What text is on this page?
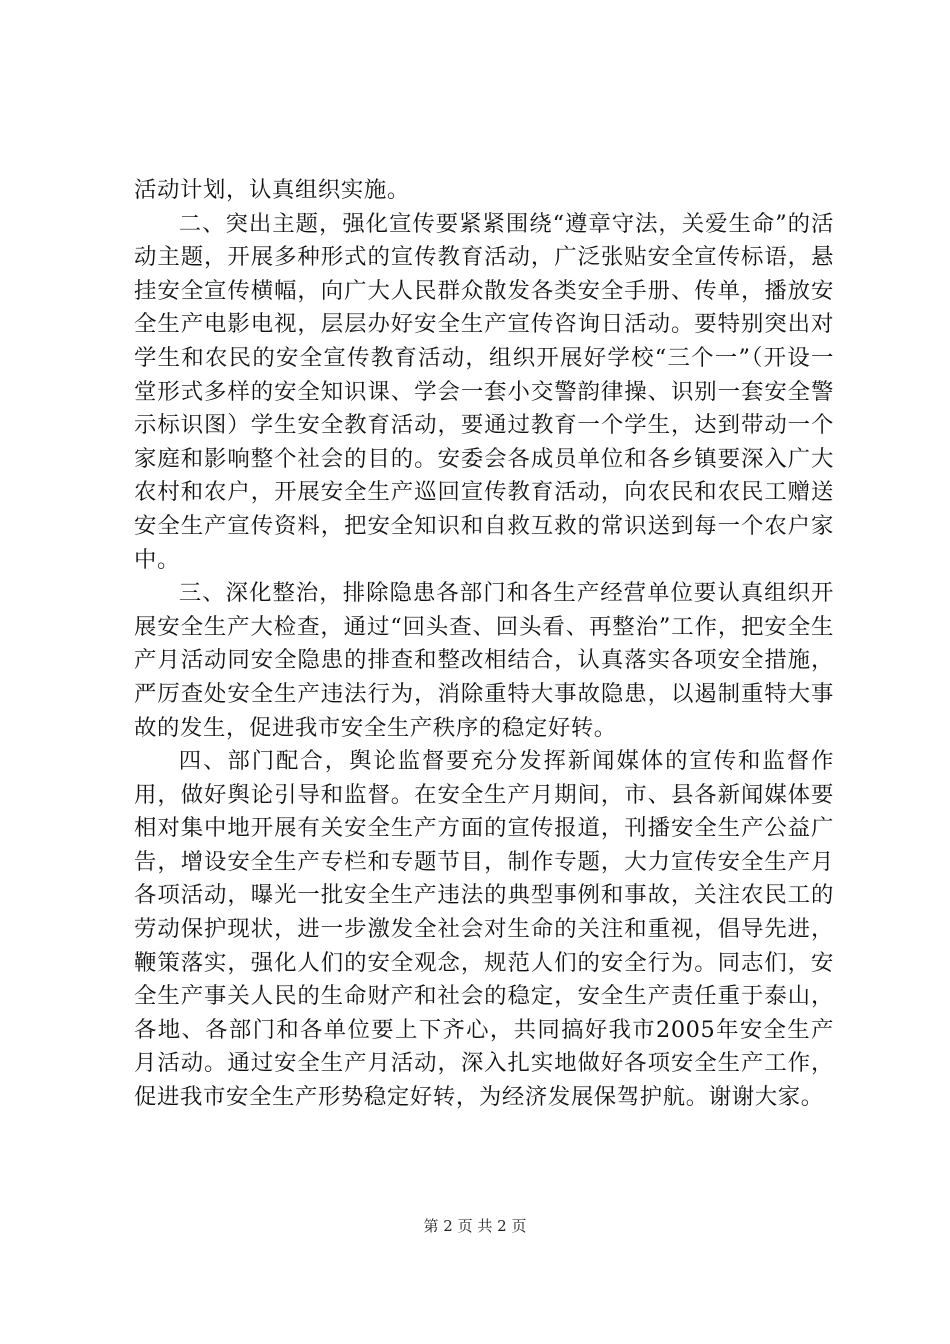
活动计划，认真组织实施。

二、突出主题，强化宣传要紧紧围绕“遵章守法，关爱生命”的活动主题，开展多种形式的宣传教育活动，广泛张贴安全宣传标语，悬挂安全宣传横幅，向广大人民群众散发各类安全手册、传单，播放安全生产电影电视，层层办好安全生产宣传咨询日活动。要特别突出对学生和农民的安全宣传教育活动，组织开展好学校“三个一”（开设一堂形式多样的安全知识课、学会一套小交警韵律操、识别一套安全警示标识图）学生安全教育活动，要通过教育一个学生，达到带动一个家庭和影响整个社会的目的。安委会各成员单位和各乡镇要深入广大农村和农户，开展安全生产巡回宣传教育活动，向农民和农民工赠送安全生产宣传资料，把安全知识和自救互救的常识送到每一个农户家中。

三、深化整治，排除隐患各部门和各生产经营单位要认真组织开展安全生产大检查，通过“回头查、回头看、再整治”工作，把安全生产月活动同安全隐患的排查和整改相结合，认真落实各项安全措施，严厉查处安全生产违法行为，消除重特大事故隐患，以遏制重特大事故的发生，促进我市安全生产秩序的稳定好转。

四、部门配合，舆论监督要充分发挥新闻媒体的宣传和监督作用，做好舆论引导和监督。在安全生产月期间，市、县各新闻媒体要相对集中地开展有关安全生产方面的宣传报道，刊播安全生产公益广告，增设安全生产专栏和专题节目，制作专题，大力宣传安全生产月各项活动，曝光一批安全生产违法的典型事例和事故，关注农民工的劳动保护现状，进一步激发全社会对生命的关注和重视，倡导先进，鞭策落实，强化人们的安全观念，规范人们的安全行为。同志们，安全生产事关人民的生命财产和社会的稳定，安全生产责任重于泰山，各地、各部门和各单位要上下齐心，共同搞好我市2005年安全生产月活动。通过安全生产月活动，深入扎实地做好各项安全生产工作，促进我市安全生产形势稳定好转，为经济发展保驾护航。谢谢大家。

第 2 页 共 2 页
